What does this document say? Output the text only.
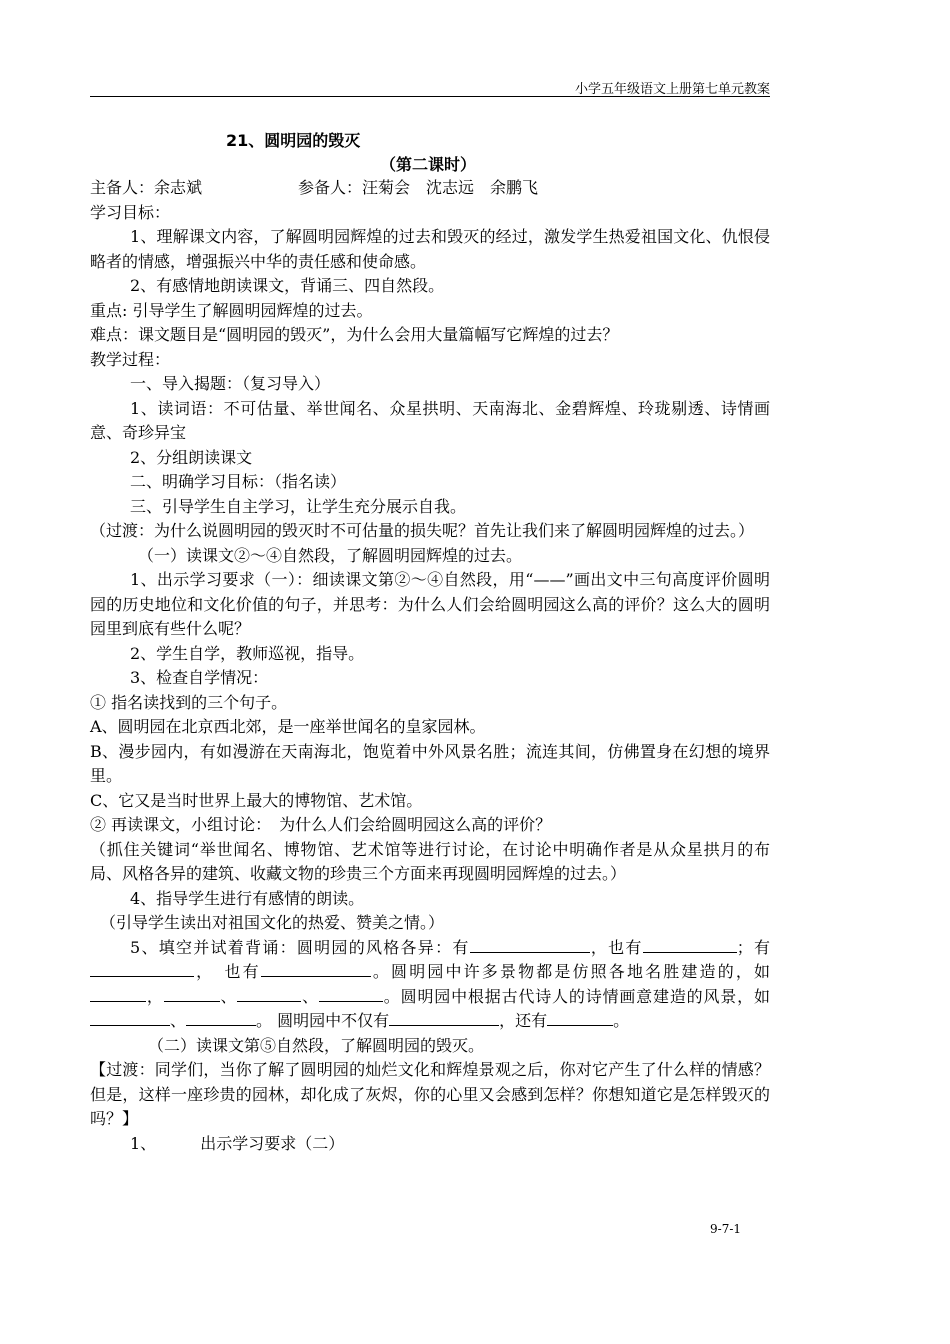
小学五年级语文上册第七单元教案
21、圆明园的毁灭
（第二课时）

主备人：余志斌	参备人：汪菊会　沈志远　余鹏飞

学习目标：

1、理解课文内容，了解圆明园辉煌的过去和毁灭的经过，激发学生热爱祖国文化、仇恨侵略者的情感，增强振兴中华的责任感和使命感。

2、有感情地朗读课文，背诵三、四自然段。

重点: 引导学生了解圆明园辉煌的过去。

难点：课文题目是“圆明园的毁灭”，为什么会用大量篇幅写它辉煌的过去？

教学过程：

一、导入揭题：（复习导入）

1、读词语：不可估量、举世闻名、众星拱明、天南海北、金碧辉煌、玲珑剔透、诗情画意、奇珍异宝

2、分组朗读课文

二、明确学习目标：（指名读）

三、引导学生自主学习，让学生充分展示自我。

（过渡：为什么说圆明园的毁灭时不可估量的损失呢？首先让我们来了解圆明园辉煌的过去。）

（一）读课文②～④自然段，了解圆明园辉煌的过去。

1、出示学习要求（一）：细读课文第②～④自然段，用“——”画出文中三句高度评价圆明园的历史地位和文化价值的句子，并思考：为什么人们会给圆明园这么高的评价？这么大的圆明园里到底有些什么呢？

2、学生自学，教师巡视，指导。

3、检查自学情况：

① 指名读找到的三个句子。

A、圆明园在北京西北郊，是一座举世闻名的皇家园林。

B、漫步园内，有如漫游在天南海北，饱览着中外风景名胜；流连其间，仿佛置身在幻想的境界里。

C、它又是当时世界上最大的博物馆、艺术馆。

② 再读课文，小组讨论：　为什么人们会给圆明园这么高的评价？

（抓住关键词“举世闻名、博物馆、艺术馆等进行讨论，在讨论中明确作者是从众星拱月的布局、风格各异的建筑、收藏文物的珍贵三个方面来再现圆明园辉煌的过去。）

4、指导学生进行有感情的朗读。

（引导学生读出对祖国文化的热爱、赞美之情。）

5、填空并试着背诵：圆明园的风格各异：有	，也有	；有，　也有	。圆明园中许多景物都是仿照各地名胜建造的，如 ，	、	、	。圆明园中根据古代诗人的诗情画意建造的风景，如、	。 圆明园中不仅有	，还有	。

（二）读课文第⑤自然段，了解圆明园的毁灭。

【过渡：同学们，当你了解了圆明园的灿烂文化和辉煌景观之后，你对它产生了什么样的情感？但是，这样一座珍贵的园林，却化成了灰烬，你的心里又会感到怎样？你想知道它是怎样毁灭的吗？】

1、	出示学习要求（二）

9-7-1
